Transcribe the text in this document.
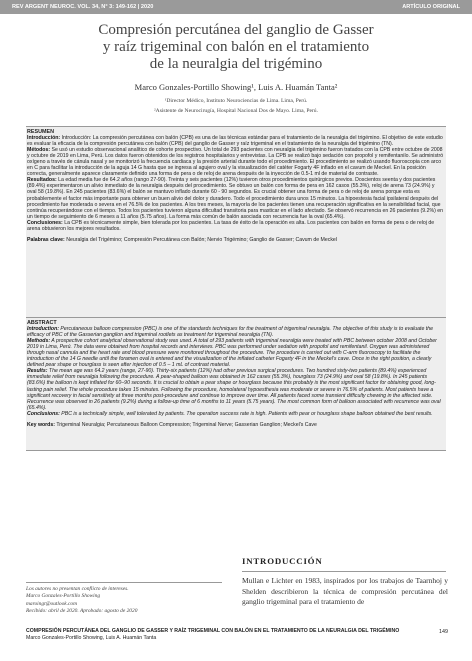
REV ARGENT NEUROC. VOL. 34, N° 3: 149-162 | 2020	ARTÍCULO ORIGINAL
Compresión percutánea del ganglio de Gasser
y raíz trigeminal con balón en el tratamiento
de la neuralgia del trigémino
Marco Gonzales-Portillo Showing¹, Luis A. Huamán Tanta²
¹Director Médico, Instituto Neurociencias de Lima. Lima, Perú.
²Asistente de Neurocirugía, Hospital Nacional Dos de Mayo. Lima, Perú.
RESUMEN
Introducción: Introducción: La compresión percutánea con balón (CPB) es una de las técnicas estándar para el tratamiento de la neuralgia del trigémino. El objetivo de este estudio es evaluar la eficacia de la compresión percutánea con balón (CPB) del ganglio de Gasser y raíz trigeminal en el tratamiento de la neuralgia del trigémino (TN).
Métodos: Se usó un estudio observacional analítico de cohorte prospectivo. Un total de 293 pacientes con neuralgia del trigémino fueron tratados con la CPB entre octubre de 2008 y octubre de 2019 en Lima, Perú. Los datos fueron obtenidos de los registros hospitalarios y entrevistas. La CPB se realizó bajo sedación con propofol y remifentanilo. Se administró oxígeno a través de cánula nasal y se monitorizó la frecuencia cardiaca y la presión arterial durante todo el procedimiento. El procedimiento se realizó usando fluoroscopia con arco en C para facilitar la introducción de la aguja 14 G hasta que se ingresa al agujero oval y la visualización del catéter Fogarty 4F inflado en el cavum de Meckel. En la posición correcta, generalmente aparece claramente definido una forma de pera o de reloj de arena después de la inyección de 0.5-1 ml de material de contraste.
Resultados: La edad media fue de 64.2 años (rango 27-90). Treinta y seis pacientes (12%) tuvieron otros procedimientos quirúrgicos previos. Doscientos seenta y dos pacientes (89.4%) experimentaron un alivio inmediato de la neuralgia después del procedimiento. Se obtuvo un balón con forma de pera en 162 casos (55.3%), reloj de arena 73 (24.9%) y oval 58 (19.8%). En 245 pacientes (83.6%) el balón se mantuvo inflado durante 60 - 90 segundos. Es crucial obtener una forma de pera o de reloj de arena porque esta es probablemente el factor más importante para obtener un buen alivio del dolor y duradero. Todo el procedimiento dura unos 15 minutos. La hipoestesia facial ipsilateral después del procedimiento fue moderada o severa en el 76.5% de los pacientes. A los tres meses, la mayoría de los pacientes tienen una recuperación significativa en la sensibilidad facial, que continúa recuperándose con el tiempo. Todos los pacientes tuvieron alguna dificultad transitoria para masticar en el lado afectado. Se observó recurrencia en 26 pacientes (9.2%) en un tiempo de seguimiento de 6 meses a 11 años (5.75 años). La forma más común de balón asociada con recurrencia fue la oval (65.4%).
Conclusiones: La CPB es técnicamente simple, bien tolerada por los pacientes. La tasa de éxito de la operación es alta. Los pacientes con balón en forma de pera o de reloj de arena obtuvieron los mejores resultados.
Palabras clave: Neuralgia del Trigémino; Compresión Percutánea con Balón; Nervio Trigémino; Ganglio de Gasser; Cavum de Meckel
ABSTRACT
Introduction: Percutaneous balloon compression (PBC) is one of the standards techniques for the treatment of trigeminal neuralgia. The objective of this study is to evaluate the efficacy of PBC of the Gasserian ganglion and trigeminal rootlets as treatment for trigeminal neuralgia (TN).
Methods: A prospective cohort analytical observational study was used. A total of 293 patients with trigeminal neuralgia were treated with PBC between october 2008 and October 2019 in Lima, Perú. The data were obtained from hospital records and interviews. PBC was performed under sedation with propofol and remifentanil. Oxygen was administered through nasal cannula and the heart rate and blood pressure were monitored throughout the procedure. The procedure is carried out with C-arm fluoroscopy to facilitate the introduction of the 14 G needle until the foramen oval is entered and the visualization of the inflated catheter Fogarty 4F in the Meckel's cave. Once in the right position, a clearly defined pear shape or hourglass is seen after injection of 0.5 – 1 mL of contrast material.
Results: The mean age was 64.2 years (range, 27-90). Thirty-six patients (12%) had other previous surgical procedures. Two hundred sixty-two patients (89.4%) experienced immediate relief from neuralgia following the procedure. A pear-shaped balloon was obtained in 162 cases (55.3%), hourglass 73 (24.9%) and oval 58 (19.8%). In 245 patients (83.6%) the balloon is kept inflated for 60–90 seconds. It is crucial to obtain a pear shape or hourglass because this probably is the most significant factor for obtaining good, long-lasting pain relief. The whole procedure takes 15 minutes. Following the procedure, homolateral hypoesthesia was moderate or severe in 76.5% of patients. Most patients have a significant recovery in facial sensitivity at three months post-procedure and continue to improve over time. All patients faced some transient difficulty chewing in the affected side. Recurrence was observed in 26 patients (9.2%) during a follow-up time of 6 months to 11 years (5.75 years). The most common form of balloon associated with recurrence was oval (65.4%).
Conclusions: PBC is a technically simple, well tolerated by patients. The operation success rate is high. Patients with pear or hourglass shape balloon obtained the best results.
Key words: Trigeminal Neuralgia; Percutaneous Balloon Compression; Trigeminal Nerve; Gasserian Ganglion; Meckel's Cave
INTRODUCCIÓN
Mullan e Lichter en 1983, inspirados por los trabajos de Taarnhoj y Shelden describieron la técnica de compresión percutánea del ganglio trigeminal para el tratamiento de
Los autores no presentan conflicto de intereses.
Marco Gonzales-Portillo Showing
maroingt@outlook.com
Recibido: abril de 2020. Aprobado: agosto de 2020
COMPRESIÓN PERCUTÁNEA DEL GANGLIO DE GASSER Y RAÍZ TRIGEMINAL CON BALÓN EN EL TRATAMIENTO DE LA NEURALGIA DEL TRIGÉMINO
Marco Gonzales-Portillo Showing, Luis A. Huamán Tanta
149
